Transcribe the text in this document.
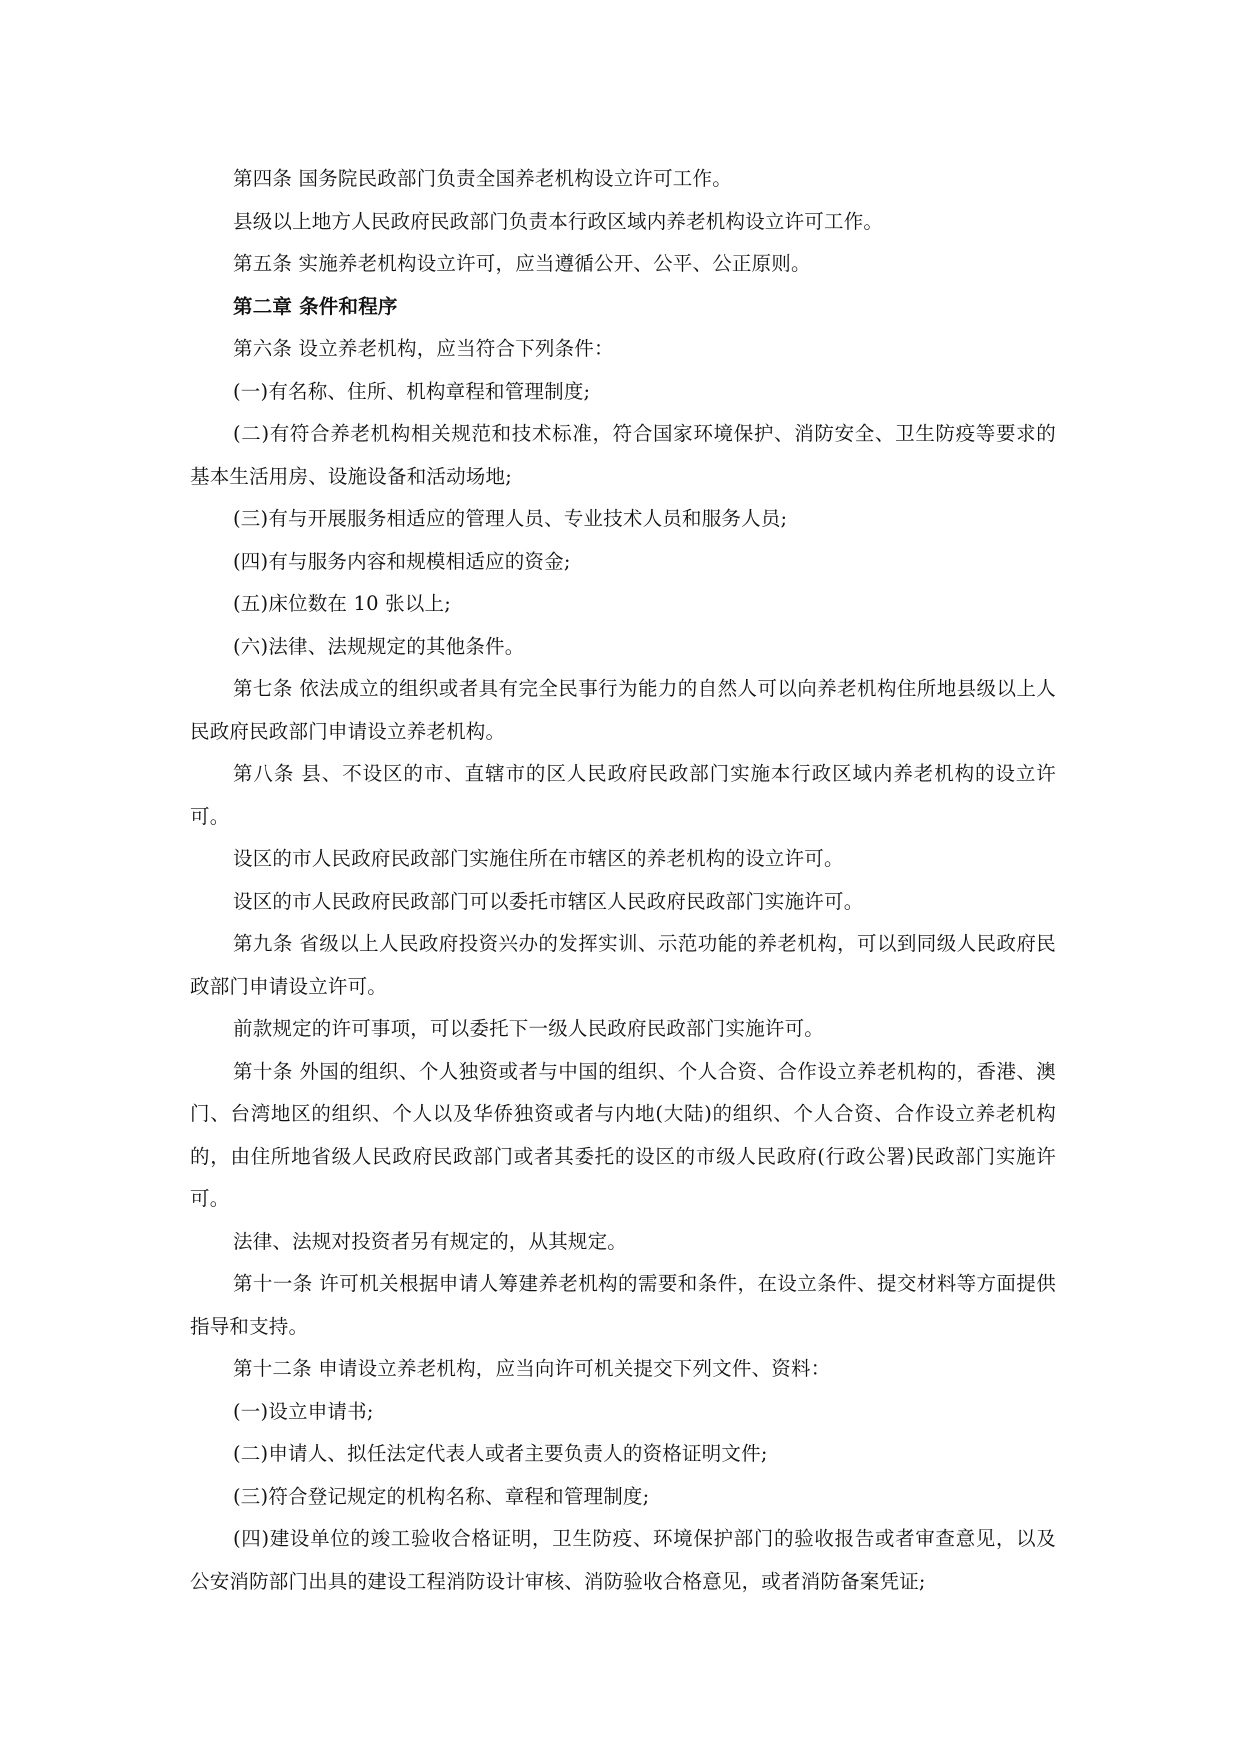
第四条 国务院民政部门负责全国养老机构设立许可工作。

县级以上地方人民政府民政部门负责本行政区域内养老机构设立许可工作。

第五条 实施养老机构设立许可，应当遵循公开、公平、公正原则。

第二章 条件和程序

第六条 设立养老机构，应当符合下列条件：

(一)有名称、住所、机构章程和管理制度;

(二)有符合养老机构相关规范和技术标准，符合国家环境保护、消防安全、卫生防疫等要求的基本生活用房、设施设备和活动场地;

(三)有与开展服务相适应的管理人员、专业技术人员和服务人员;

(四)有与服务内容和规模相适应的资金;

(五)床位数在 10 张以上;

(六)法律、法规规定的其他条件。

第七条 依法成立的组织或者具有完全民事行为能力的自然人可以向养老机构住所地县级以上人民政府民政部门申请设立养老机构。

第八条 县、不设区的市、直辖市的区人民政府民政部门实施本行政区域内养老机构的设立许可。

设区的市人民政府民政部门实施住所在市辖区的养老机构的设立许可。

设区的市人民政府民政部门可以委托市辖区人民政府民政部门实施许可。

第九条 省级以上人民政府投资兴办的发挥实训、示范功能的养老机构，可以到同级人民政府民政部门申请设立许可。

前款规定的许可事项，可以委托下一级人民政府民政部门实施许可。

第十条 外国的组织、个人独资或者与中国的组织、个人合资、合作设立养老机构的，香港、澳门、台湾地区的组织、个人以及华侨独资或者与内地(大陆)的组织、个人合资、合作设立养老机构的，由住所地省级人民政府民政部门或者其委托的设区的市级人民政府(行政公署)民政部门实施许可。

法律、法规对投资者另有规定的，从其规定。

第十一条 许可机关根据申请人筹建养老机构的需要和条件，在设立条件、提交材料等方面提供指导和支持。

第十二条 申请设立养老机构，应当向许可机关提交下列文件、资料：

(一)设立申请书;

(二)申请人、拟任法定代表人或者主要负责人的资格证明文件;

(三)符合登记规定的机构名称、章程和管理制度;

(四)建设单位的竣工验收合格证明，卫生防疫、环境保护部门的验收报告或者审查意见，以及公安消防部门出具的建设工程消防设计审核、消防验收合格意见，或者消防备案凭证;
